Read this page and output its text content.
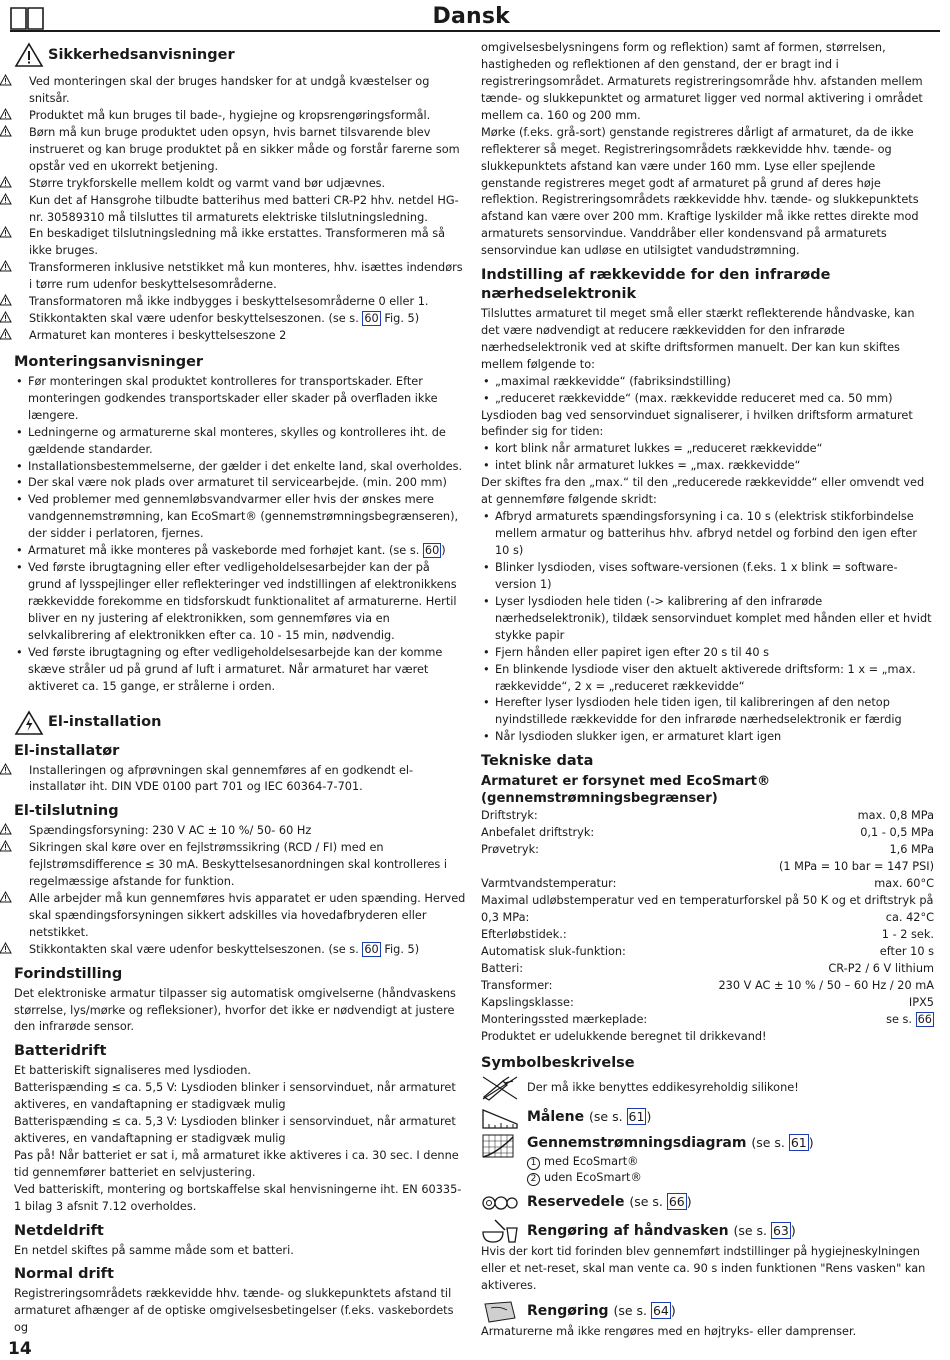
Dansk
Sikkerhedsanvisninger
Ved monteringen skal der bruges handsker for at undgå kvæstelser og snitsår.
Produktet må kun bruges til bade-, hygiejne og kropsrengøringsformål.
Børn må kun bruge produktet uden opsyn, hvis barnet tilsvarende blev instrueret og kan bruge produktet på en sikker måde og forstår farerne som opstår ved en ukorrekt betjening.
Større trykforskelle mellem koldt og varmt vand bør udjævnes.
Kun det af Hansgrohe tilbudte batterihus med batteri CR-P2 hhv. netdel HG-nr. 30589310 må tilsluttes til armaturets elektriske tilslutningsledning.
En beskadiget tilslutningsledning må ikke erstattes. Transformeren må så ikke bruges.
Transformeren inklusive netstikket må kun monteres, hhv. isættes indendørs i tørre rum udenfor beskyttelsesområderne.
Transformatoren må ikke indbygges i beskyttelsesområderne 0 eller 1.
Stikkontakten skal være udenfor beskyttelseszonen. (se s. 60 Fig. 5)
Armaturet kan monteres i beskyttelseszone 2
Monteringsanvisninger
• Før monteringen skal produktet kontrolleres for transportskader. Efter monteringen godkendes transportskader eller skader på overfladen ikke længere.
• Ledningerne og armaturerne skal monteres, skylles og kontrolleres iht. de gældende standarder.
• Installationsbestemmelserne, der gælder i det enkelte land, skal overholdes.
• Der skal være nok plads over armaturet til servicearbejde. (min. 200 mm)
• Ved problemer med gennemløbsvandvarmer eller hvis der ønskes mere vandgennemstrømning, kan EcoSmart® (gennemstrømningsbegrænseren), der sidder i perlatoren, fjernes.
• Armaturet må ikke monteres på vaskeborde med forhøjet kant. (se s. 60 )
• Ved første ibrugtagning eller efter vedligeholdelsesarbejder kan der på grund af lysspejlinger eller reflekteringer ved indstillingen af elektronikkens rækkevidde forekomme en tidsforskudt funktionalitet af armaturerne. Hertil bliver en ny justering af elektronikken, som gennemføres via en selvkalibrering af elektronikken efter ca. 10 - 15 min, nødvendig.
• Ved første ibrugtagning og efter vedligeholdelsesarbejde kan der komme skæve stråler ud på grund af luft i armaturet. Når armaturet har været aktiveret ca. 15 gange, er strålerne i orden.
El-installation
El-installatør
Installeringen og afprøvningen skal gennemføres af en godkendt el-installatør iht. DIN VDE 0100 part 701 og IEC 60364-7-701.
El-tilslutning
Spændingsforsyning: 230 V AC ± 10 %/ 50- 60 Hz
Sikringen skal køre over en fejlstrømssikring (RCD / FI) med en fejlstrømsdifference ≤ 30 mA. Beskyttelsesanordningen skal kontrolleres i regelmæssige afstande for funktion.
Alle arbejder må kun gennemføres hvis apparatet er uden spænding. Herved skal spændingsforsyningen sikkert adskilles via hovedafbryderen eller netstikket.
Stikkontakten skal være udenfor beskyttelseszonen. (se s. 60 Fig. 5)
Forindstilling

Det elektroniske armatur tilpasser sig automatisk omgivelserne (håndvaskens størrelse, lys/mørke og refleksioner), hvorfor det ikke er nødvendigt at justere den infrarøde sensor.

Batteridrift

Et batteriskift signaliseres med lysdioden.

Batterispænding ≤ ca. 5,5 V: Lysdioden blinker i sensorvinduet, når armaturet aktiveres, en vandaftapning er stadigvæk mulig

Batterispænding ≤ ca. 5,3 V: Lysdioden blinker i sensorvinduet, når armaturet aktiveres, en vandaftapning er stadigvæk mulig

Pas på! Når batteriet er sat i, må armaturet ikke aktiveres i ca. 30 sec. I denne tid gennemfører batteriet en selvjustering.

Ved batteriskift, montering og bortskaffelse skal henvisningerne iht. EN 60335-1 bilag 3 afsnit 7.12 overholdes.

Netdeldrift

En netdel skiftes på samme måde som et batteri.

Normal drift

Registreringsområdets rækkevidde hhv. tænde- og slukkepunktets afstand til armaturet afhænger af de optiske omgivelsesbetingelser (f.eks. vaskebordets og

omgivelsesbelysningens form og reflektion) samt af formen, størrelsen, hastigheden og reflektionen af den genstand, der er bragt ind i registreringsområdet. Armaturets registreringsområde hhv. afstanden mellem tænde- og slukkepunktet og armaturet ligger ved normal aktivering i området mellem ca. 160 og 200 mm.

Mørke (f.eks. grå-sort) genstande registreres dårligt af armaturet, da de ikke reflekterer så meget. Registreringsområdets rækkevidde hhv. tænde- og slukkepunktets afstand kan være under 160 mm. Lyse eller spejlende genstande registreres meget godt af armaturet på grund af deres høje reflektion. Registreringsområdets rækkevidde hhv. tænde- og slukkepunktets afstand kan være over 200 mm. Kraftige lyskilder må ikke rettes direkte mod armaturets sensorvindue. Vanddråber eller kondensvand på armaturets sensorvindue kan udløse en utilsigtet vandudstrømning.

Indstilling af rækkevidde for den infrarøde nærhedselektronik

Tilsluttes armaturet til meget små eller stærkt reflekterende håndvaske, kan det være nødvendigt at reducere rækkevidden for den infrarøde nærhedselektronik ved at skifte driftsformen manuelt. Der kan kun skiftes mellem følgende to:

• „maximal rækkevidde“ (fabriksindstilling)
• „reduceret rækkevidde“ (max. rækkevidde reduceret med ca. 50 mm)

Lysdioden bag ved sensorvinduet signaliserer, i hvilken driftsform armaturet befinder sig for tiden:

• kort blink når armaturet lukkes = „reduceret rækkevidde“
• intet blink når armaturet lukkes = „max. rækkevidde“

Der skiftes fra den „max.“ til den „reducerede rækkevidde“ eller omvendt ved at gennemføre følgende skridt:

• Afbryd armaturets spændingsforsyning i ca. 10 s (elektrisk stikforbindelse mellem armatur og batterihus hhv. afbryd netdel og forbind den igen efter 10 s)
• Blinker lysdioden, vises software-versionen (f.eks. 1 x blink = software-version 1)
• Lyser lysdioden hele tiden (-> kalibrering af den infrarøde nærhedselektronik), tildæk sensorvinduet komplet med hånden eller et hvidt stykke papir
• Fjern hånden eller papiret igen efter 20 s til 40 s
• En blinkende lysdiode viser den aktuelt aktiverede driftsform: 1 x = „max. rækkevidde“, 2 x = „reduceret rækkevidde“
• Herefter lyser lysdioden hele tiden igen, til kalibreringen af den netop nyindstillede rækkevidde for den infrarøde nærhedselektronik er færdig
• Når lysdioden slukker igen, er armaturet klart igen
Tekniske data
Armaturet er forsynet med EcoSmart® (gennemstrømningsbegrænser)
Driftstryk:	max. 0,8 MPa
Anbefalet driftstryk:	0,1 - 0,5 MPa
Prøvetryk:	1,6 MPa
(1 MPa = 10 bar = 147 PSI)
Varmtvandstemperatur:	max. 60°C

Maximal udløbstemperatur ved en temperaturforskel på 50 K og et driftstryk på

0,3 MPa:	ca. 42°C
Efterløbstidek.:	1 - 2 sek.
Automatisk sluk-funktion:	efter 10 s
Batteri:	CR-P2 / 6 V lithium
Transformer:	230 V AC ± 10 % / 50 – 60 Hz / 20 mA
Kapslingsklasse:	IPX5
Monteringssted mærkeplade:	se s. 66

Produktet er udelukkende beregnet til drikkevand!

Symbolbeskrivelse
Der må ikke benyttes eddikesyreholdig silikone!
Målene (se s. 61 )
Gennemstrømningsdiagram (se s. 61 )
1 med EcoSmart®
2 uden EcoSmart®
Reservedele (se s. 66 )
Rengøring af håndvasken (se s. 63 )

Hvis der kort tid forinden blev gennemført indstillinger på hygiejneskylningen eller et net-reset, skal man vente ca. 90 s inden funktionen "Rens vasken" kan aktiveres.

Rengøring (se s. 64 )

Armaturerne må ikke rengøres med en højtryks- eller damprenser.

14
